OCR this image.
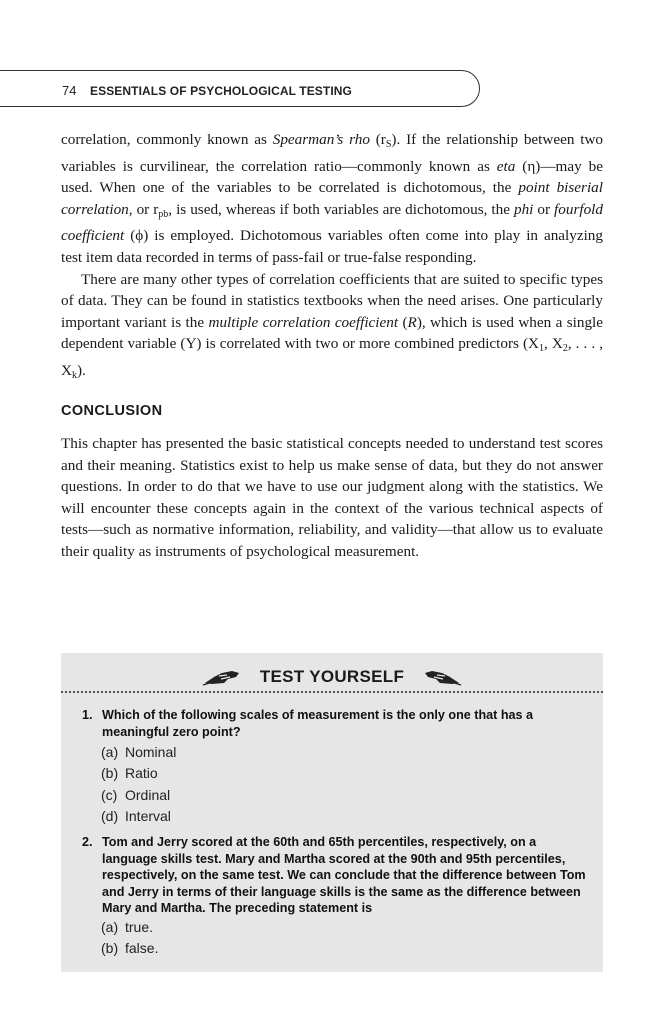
74 ESSENTIALS OF PSYCHOLOGICAL TESTING

correlation, commonly known as Spearman’s rho $(r_S)$. If the relationship between two variables is curvilinear, the correlation ratio—commonly known as eta (η)—may be used. When one of the variables to be correlated is dichotomous, the point biserial correlation, or $r_{pb}$, is used, whereas if both variables are dichotomous, the phi or fourfold coefficient (ϕ) is employed. Dichotomous variables often come into play in analyzing test item data recorded in terms of pass-fail or true-false responding.

There are many other types of correlation coefficients that are suited to specific types of data. They can be found in statistics textbooks when the need arises. One particularly important variant is the multiple correlation coefficient (R), which is used when a single dependent variable (Y) is correlated with two or more combined predictors ($X_1$, $X_2$, . . . , $X_k$).

CONCLUSION

This chapter has presented the basic statistical concepts needed to understand test scores and their meaning. Statistics exist to help us make sense of data, but they do not answer questions. In order to do that we have to use our judgment along with the statistics. We will encounter these concepts again in the context of the various technical aspects of tests—such as normative information, reliability, and validity—that allow us to evaluate their quality as instruments of psychological measurement.

TEST YOURSELF
1. Which of the following scales of measurement is the only one that has a meaningful zero point?
(a) Nominal
(b) Ratio
(c) Ordinal
(d) Interval
2. Tom and Jerry scored at the 60th and 65th percentiles, respectively, on a language skills test. Mary and Martha scored at the 90th and 95th percentiles, respectively, on the same test. We can conclude that the difference between Tom and Jerry in terms of their language skills is the same as the difference between Mary and Martha. The preceding statement is
(a) true.
(b) false.
